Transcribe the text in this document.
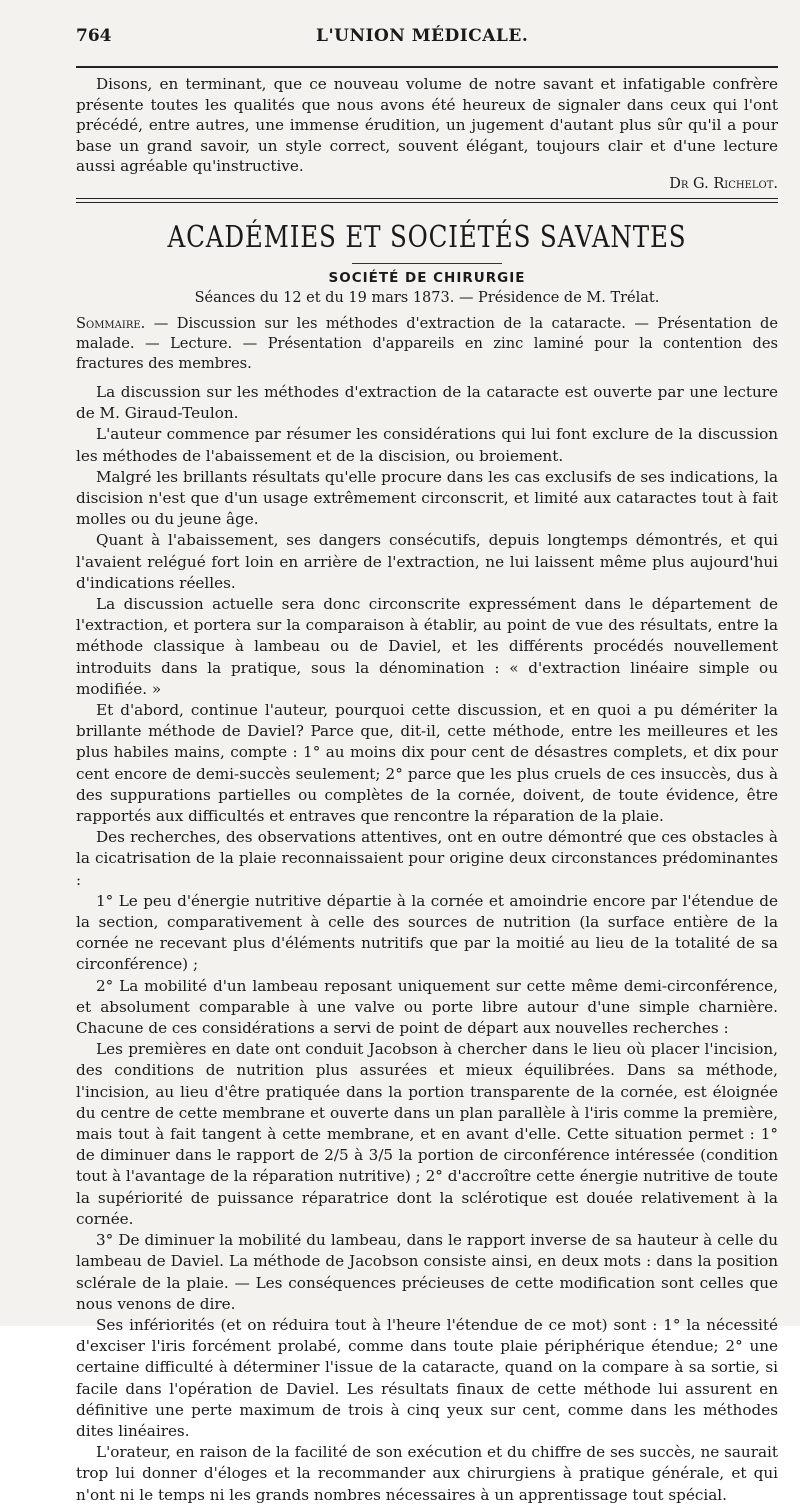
764	L'UNION MÉDICALE.

Disons, en terminant, que ce nouveau volume de notre savant et infatigable confrère présente toutes les qualités que nous avons été heureux de signaler dans ceux qui l'ont précédé, entre autres, une immense érudition, un jugement d'autant plus sûr qu'il a pour base un grand savoir, un style correct, souvent élégant, toujours clair et d'une lecture aussi agréable qu'instructive.

Dr G. Richelot.
ACADÉMIES ET SOCIÉTÉS SAVANTES
SOCIÉTÉ DE CHIRURGIE
Séances du 12 et du 19 mars 1873. — Présidence de M. Trélat.

Sommaire. — Discussion sur les méthodes d'extraction de la cataracte. — Présentation de malade. — Lecture. — Présentation d'appareils en zinc laminé pour la contention des fractures des membres.

La discussion sur les méthodes d'extraction de la cataracte est ouverte par une lecture de M. Giraud-Teulon.

L'auteur commence par résumer les considérations qui lui font exclure de la discussion les méthodes de l'abaissement et de la discision, ou broiement.

Malgré les brillants résultats qu'elle procure dans les cas exclusifs de ses indications, la discision n'est que d'un usage extrêmement circonscrit, et limité aux cataractes tout à fait molles ou du jeune âge.

Quant à l'abaissement, ses dangers consécutifs, depuis longtemps démontrés, et qui l'avaient relégué fort loin en arrière de l'extraction, ne lui laissent même plus aujourd'hui d'indications réelles.

La discussion actuelle sera donc circonscrite expressément dans le département de l'extraction, et portera sur la comparaison à établir, au point de vue des résultats, entre la méthode classique à lambeau ou de Daviel, et les différents procédés nouvellement introduits dans la pratique, sous la dénomination : « d'extraction linéaire simple ou modifiée. »

Et d'abord, continue l'auteur, pourquoi cette discussion, et en quoi a pu démériter la brillante méthode de Daviel? Parce que, dit-il, cette méthode, entre les meilleures et les plus habiles mains, compte : 1° au moins dix pour cent de désastres complets, et dix pour cent encore de demi-succès seulement; 2° parce que les plus cruels de ces insuccès, dus à des suppurations partielles ou complètes de la cornée, doivent, de toute évidence, être rapportés aux difficultés et entraves que rencontre la réparation de la plaie.

Des recherches, des observations attentives, ont en outre démontré que ces obstacles à la cicatrisation de la plaie reconnaissaient pour origine deux circonstances prédominantes :

1° Le peu d'énergie nutritive départie à la cornée et amoindrie encore par l'étendue de la section, comparativement à celle des sources de nutrition (la surface entière de la cornée ne recevant plus d'éléments nutritifs que par la moitié au lieu de la totalité de sa circonférence) ;

2° La mobilité d'un lambeau reposant uniquement sur cette même demi-circonférence, et absolument comparable à une valve ou porte libre autour d'une simple charnière. Chacune de ces considérations a servi de point de départ aux nouvelles recherches :

Les premières en date ont conduit Jacobson à chercher dans le lieu où placer l'incision, des conditions de nutrition plus assurées et mieux équilibrées. Dans sa méthode, l'incision, au lieu d'être pratiquée dans la portion transparente de la cornée, est éloignée du centre de cette membrane et ouverte dans un plan parallèle à l'iris comme la première, mais tout à fait tangent à cette membrane, et en avant d'elle. Cette situation permet : 1° de diminuer dans le rapport de 2/5 à 3/5 la portion de circonférence intéressée (condition tout à l'avantage de la réparation nutritive) ; 2° d'accroître cette énergie nutritive de toute la supériorité de puissance réparatrice dont la sclérotique est douée relativement à la cornée.

3° De diminuer la mobilité du lambeau, dans le rapport inverse de sa hauteur à celle du lambeau de Daviel. La méthode de Jacobson consiste ainsi, en deux mots : dans la position sclérale de la plaie. — Les conséquences précieuses de cette modification sont celles que nous venons de dire.

Ses infériorités (et on réduira tout à l'heure l'étendue de ce mot) sont : 1° la nécessité d'exciser l'iris forcément prolabé, comme dans toute plaie périphérique étendue; 2° une certaine difficulté à déterminer l'issue de la cataracte, quand on la compare à sa sortie, si facile dans l'opération de Daviel. Les résultats finaux de cette méthode lui assurent en définitive une perte maximum de trois à cinq yeux sur cent, comme dans les méthodes dites linéaires.

L'orateur, en raison de la facilité de son exécution et du chiffre de ses succès, ne saurait trop lui donner d'éloges et la recommander aux chirurgiens à pratique générale, et qui n'ont ni le temps ni les grands nombres nécessaires à un apprentissage tout spécial.
